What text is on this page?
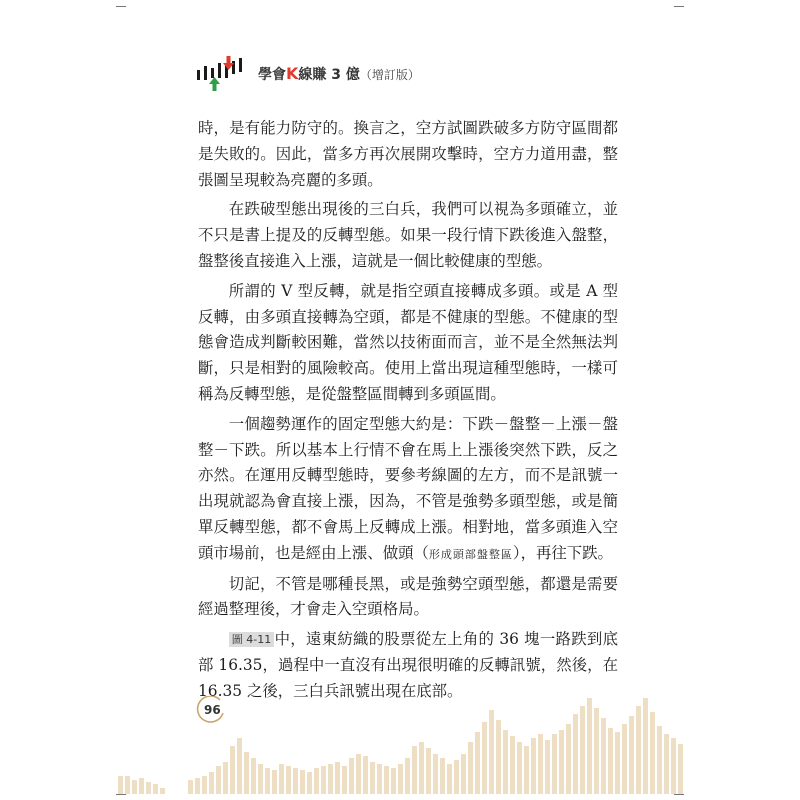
學會K線賺 3 億（增訂版）

時，是有能力防守的。換言之，空方試圖跌破多方防守區間都是失敗的。因此，當多方再次展開攻擊時，空方力道用盡，整張圖呈現較為亮麗的多頭。

在跌破型態出現後的三白兵，我們可以視為多頭確立，並不只是書上提及的反轉型態。如果一段行情下跌後進入盤整，盤整後直接進入上漲，這就是一個比較健康的型態。

所謂的 V 型反轉，就是指空頭直接轉成多頭。或是 A 型反轉，由多頭直接轉為空頭，都是不健康的型態。不健康的型態會造成判斷較困難，當然以技術面而言，並不是全然無法判斷，只是相對的風險較高。使用上當出現這種型態時，一樣可稱為反轉型態，是從盤整區間轉到多頭區間。

一個趨勢運作的固定型態大約是：下跌－盤整－上漲－盤整－下跌。所以基本上行情不會在馬上上漲後突然下跌，反之亦然。在運用反轉型態時，要參考線圖的左方，而不是訊號一出現就認為會直接上漲，因為，不管是強勢多頭型態，或是簡單反轉型態，都不會馬上反轉成上漲。相對地，當多頭進入空頭市場前，也是經由上漲、做頭（形成頭部盤整區），再往下跌。

切記，不管是哪種長黑，或是強勢空頭型態，都還是需要經過整理後，才會走入空頭格局。

圖 4-11 中，遠東紡織的股票從左上角的 36 塊一路跌到底部 16.35，過程中一直沒有出現很明確的反轉訊號，然後，在 16.35 之後，三白兵訊號出現在底部。

96
